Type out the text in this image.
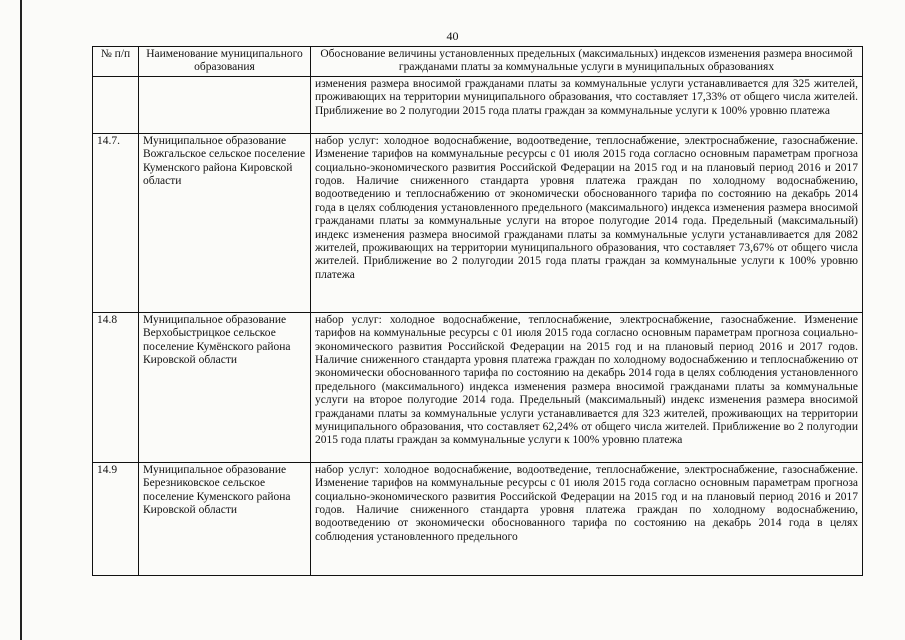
40
№ п/п	Наименование муниципального образования	Обоснование величины установленных предельных (максимальных) индексов изменения размера вносимой гражданами платы за коммунальные услуги в муниципальных образованиях
		изменения размера вносимой гражданами платы за коммунальные услуги устанавливается для 325 жителей, проживающих на территории муниципального образования, что составляет 17,33% от общего числа жителей. Приближение во 2 полугодии 2015 года платы граждан за коммунальные услуги к 100% уровню платежа
14.7.	Муниципальное образование Вожгальское сельское поселение Куменского района Кировской области	набор услуг: холодное водоснабжение, водоотведение, теплоснабжение, электроснабжение, газоснабжение. Изменение тарифов на коммунальные ресурсы с 01 июля 2015 года согласно основным параметрам прогноза социально-экономического развития Российской Федерации на 2015 год и на плановый период 2016 и 2017 годов. Наличие сниженного стандарта уровня платежа граждан по холодному водоснабжению, водоотведению и теплоснабжению от экономически обоснованного тарифа по состоянию на декабрь 2014 года в целях соблюдения установленного предельного (максимального) индекса изменения размера вносимой гражданами платы за коммунальные услуги на второе полугодие 2014 года. Предельный (максимальный) индекс изменения размера вносимой гражданами платы за коммунальные услуги устанавливается для 2082 жителей, проживающих на территории муниципального образования, что составляет 73,67% от общего числа жителей. Приближение во 2 полугодии 2015 года платы граждан за коммунальные услуги к 100% уровню платежа
14.8	Муниципальное образование Верхобыстрицкое сельское поселение Кумёнского района Кировской области	набор услуг: холодное водоснабжение, теплоснабжение, электроснабжение, газоснабжение. Изменение тарифов на коммунальные ресурсы с 01 июля 2015 года согласно основным параметрам прогноза социально-экономического развития Российской Федерации на 2015 год и на плановый период 2016 и 2017 годов. Наличие сниженного стандарта уровня платежа граждан по холодному водоснабжению и теплоснабжению от экономически обоснованного тарифа по состоянию на декабрь 2014 года в целях соблюдения установленного предельного (максимального) индекса изменения размера вносимой гражданами платы за коммунальные услуги на второе полугодие 2014 года. Предельный (максимальный) индекс изменения размера вносимой гражданами платы за коммунальные услуги устанавливается для 323 жителей, проживающих на территории муниципального образования, что составляет 62,24% от общего числа жителей. Приближение во 2 полугодии 2015 года платы граждан за коммунальные услуги к 100% уровню платежа
14.9	Муниципальное образование Березниковское сельское поселение Куменского района Кировской области	набор услуг: холодное водоснабжение, водоотведение, теплоснабжение, электроснабжение, газоснабжение. Изменение тарифов на коммунальные ресурсы с 01 июля 2015 года согласно основным параметрам прогноза социально-экономического развития Российской Федерации на 2015 год и на плановый период 2016 и 2017 годов. Наличие сниженного стандарта уровня платежа граждан по холодному водоснабжению, водоотведению от экономически обоснованного тарифа по состоянию на декабрь 2014 года в целях соблюдения установленного предельного
